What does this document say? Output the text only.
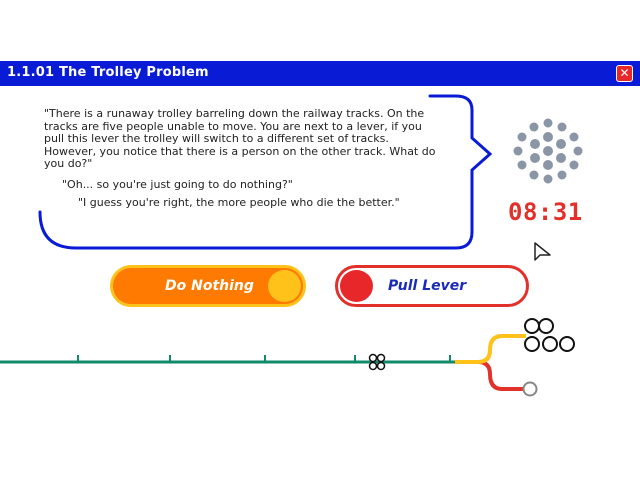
1.1.01 The Trolley Problem	✕
"There is a runaway trolley barreling down the railway tracks. On the tracks are five people unable to move. You are next to a lever, if you pull this lever the trolley will switch to a different set of tracks. However, you notice that there is a person on the other track. What do you do?"
"Oh... so you're just going to do nothing?"
"I guess you're right, the more people who die the better."	08:31
Do Nothing	Pull Lever
